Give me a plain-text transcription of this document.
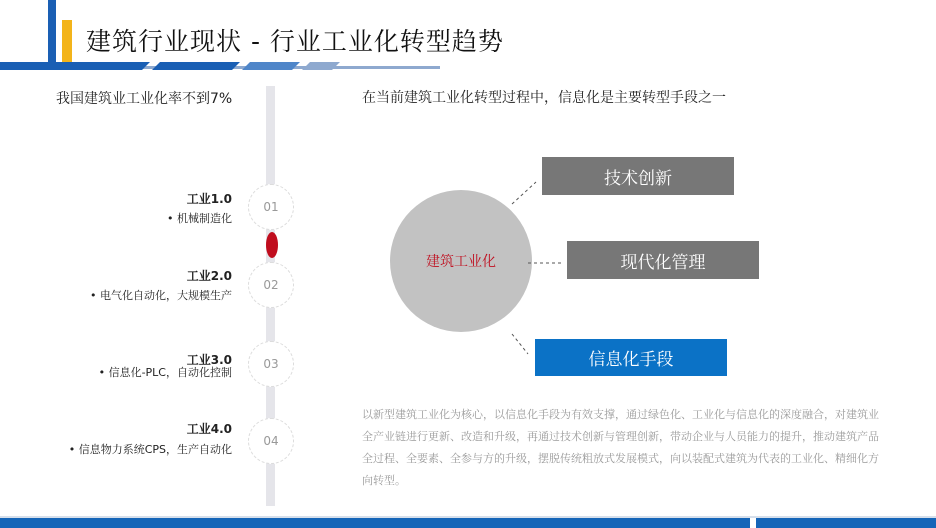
建筑行业现状 - 行业工业化转型趋势
我国建筑业工业化率不到7%
01
02
03
04
工业1.0
• 机械制造化
工业2.0
• 电气化自动化，大规模生产
工业3.0
• 信息化-PLC，自动化控制
工业4.0
• 信息物力系统CPS，生产自动化
在当前建筑工业化转型过程中，信息化是主要转型手段之一
建筑工业化
技术创新
现代化管理
信息化手段
以新型建筑工业化为核心，以信息化手段为有效支撑，通过绿色化、工业化与信息化的深度融合，对建筑业全产业链进行更新、改造和升级，再通过技术创新与管理创新，带动企业与人员能力的提升，推动建筑产品全过程、全要素、全参与方的升级，摆脱传统粗放式发展模式，向以装配式建筑为代表的工业化、精细化方向转型。
